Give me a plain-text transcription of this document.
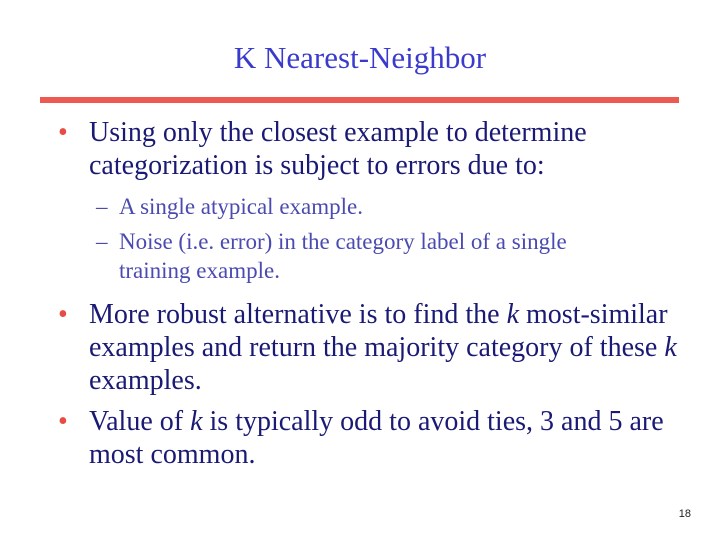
K Nearest-Neighbor
• Using only the closest example to determine categorization is subject to errors due to:
– A single atypical example.
– Noise (i.e. error) in the category label of a single training example.
• More robust alternative is to find the k most-similar examples and return the majority category of these k examples.
• Value of k is typically odd to avoid ties, 3 and 5 are most common.
18
